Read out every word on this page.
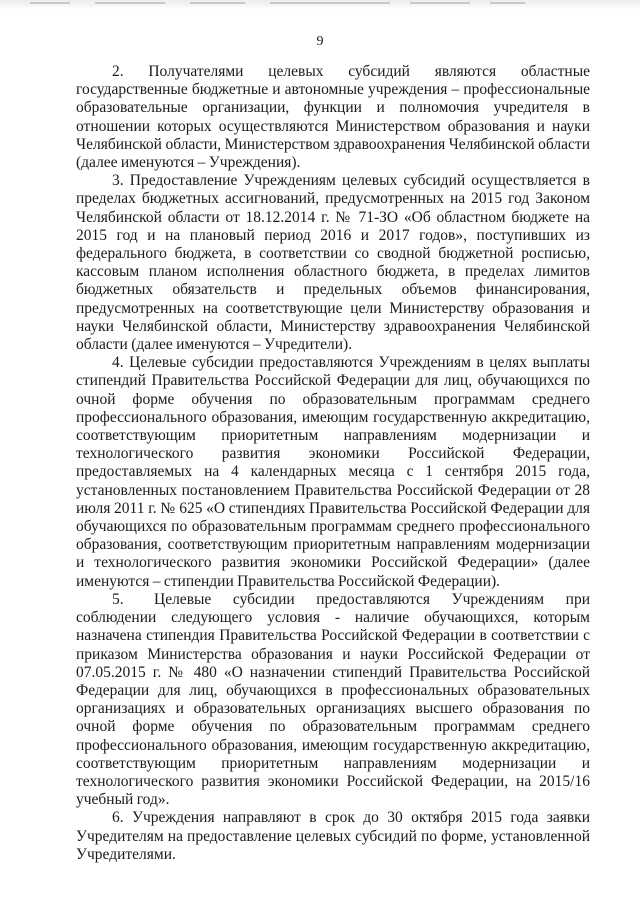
9

2. Получателями целевых субсидий являются областные государственные бюджетные и автономные учреждения – профессиональные образовательные организации, функции и полномочия учредителя в отношении которых осуществляются Министерством образования и науки Челябинской области, Министерством здравоохранения Челябинской области (далее именуются – Учреждения).

3. Предоставление Учреждениям целевых субсидий осуществляется в пределах бюджетных ассигнований, предусмотренных на 2015 год Законом Челябинской области от 18.12.2014 г. № 71-ЗО «Об областном бюджете на 2015 год и на плановый период 2016 и 2017 годов», поступивших из федерального бюджета, в соответствии со сводной бюджетной росписью, кассовым планом исполнения областного бюджета, в пределах лимитов бюджетных обязательств и предельных объемов финансирования, предусмотренных на соответствующие цели Министерству образования и науки Челябинской области, Министерству здравоохранения Челябинской области (далее именуются – Учредители).

4. Целевые субсидии предоставляются Учреждениям в целях выплаты стипендий Правительства Российской Федерации для лиц, обучающихся по очной форме обучения по образовательным программам среднего профессионального образования, имеющим государственную аккредитацию, соответствующим приоритетным направлениям модернизации и технологического развития экономики Российской Федерации, предоставляемых на 4 календарных месяца с 1 сентября 2015 года, установленных постановлением Правительства Российской Федерации от 28 июля 2011 г. № 625 «О стипендиях Правительства Российской Федерации для обучающихся по образовательным программам среднего профессионального образования, соответствующим приоритетным направлениям модернизации и технологического развития экономики Российской Федерации» (далее именуются – стипендии Правительства Российской Федерации).

5. Целевые субсидии предоставляются Учреждениям при соблюдении следующего условия - наличие обучающихся, которым назначена стипендия Правительства Российской Федерации в соответствии с приказом Министерства образования и науки Российской Федерации от 07.05.2015 г. № 480 «О назначении стипендий Правительства Российской Федерации для лиц, обучающихся в профессиональных образовательных организациях и образовательных организациях высшего образования по очной форме обучения по образовательным программам среднего профессионального образования, имеющим государственную аккредитацию, соответствующим приоритетным направлениям модернизации и технологического развития экономики Российской Федерации, на 2015/16 учебный год».

6. Учреждения направляют в срок до 30 октября 2015 года заявки Учредителям на предоставление целевых субсидий по форме, установленной Учредителями.
